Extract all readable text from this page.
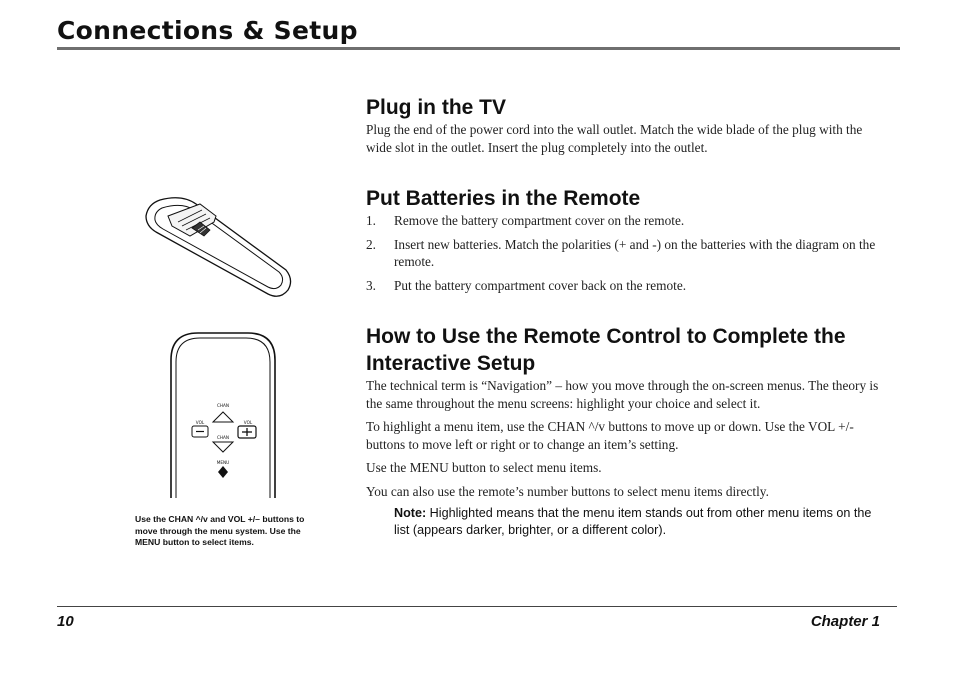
Connections & Setup
CHAN
VOL	VOL
CHAN
MENU
Use the CHAN ^/v and VOL +/– buttons to move through the menu system. Use the MENU button to select items.
Plug in the TV

Plug the end of the power cord into the wall outlet. Match the wide blade of the plug with the wide slot in the outlet. Insert the plug completely into the outlet.

Put Batteries in the Remote
1. Remove the battery compartment cover on the remote.
2. Insert new batteries. Match the polarities (+ and -) on the batteries with the diagram on the remote.
3. Put the battery compartment cover back on the remote.
How to Use the Remote Control to Complete the Interactive Setup

The technical term is “Navigation” – how you move through the on-screen menus. The theory is the same throughout the menu screens: highlight your choice and select it.

To highlight a menu item, use the CHAN ^/v buttons to move up or down. Use the VOL +/- buttons to move left or right or to change an item’s setting.

Use the MENU button to select menu items.

You can also use the remote’s number buttons to select menu items directly.

Note: Highlighted means that the menu item stands out from other menu items on the list (appears darker, brighter, or a different color).
10	Chapter 1
